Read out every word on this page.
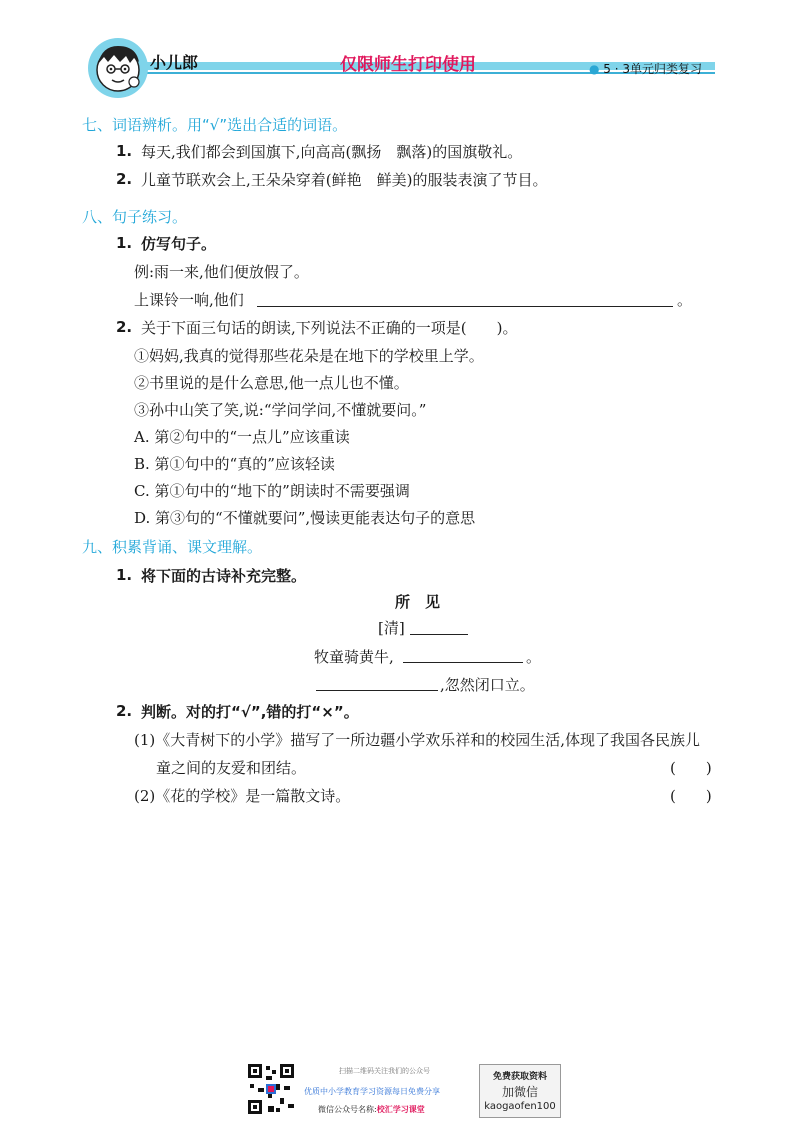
小儿郎	仅限师生打印使用	● 5 · 3单元归类复习
七、词语辨析。用“√”选出合适的词语。
1. 每天,我们都会到国旗下,向高高(飘扬　飘落)的国旗敬礼。
2. 儿童节联欢会上,王朵朵穿着(鲜艳　鲜美)的服装表演了节目。
八、句子练习。
1. 仿写句子。
例:雨一来,他们便放假了。
上课铃一响,他们	。
2. 关于下面三句话的朗读,下列说法不正确的一项是(　　)。
①妈妈,我真的觉得那些花朵是在地下的学校里上学。
②书里说的是什么意思,他一点儿也不懂。
③孙中山笑了笑,说:“学问学问,不懂就要问。”
A. 第②句中的“一点儿”应该重读
B. 第①句中的“真的”应该轻读
C. 第①句中的“地下的”朗读时不需要强调
D. 第③句的“不懂就要问”,慢读更能表达句子的意思
九、积累背诵、课文理解。
1. 将下面的古诗补充完整。
所　见
[清]
牧童骑黄牛,	。
,忽然闭口立。
2. 判断。对的打“√”,错的打“×”。
(1)《大青树下的小学》描写了一所边疆小学欢乐祥和的校园生活,体现了我国各民族儿
童之间的友爱和团结。	(　　)
(2)《花的学校》是一篇散文诗。	(　　)
扫描二维码关注我们的公众号
优质中小学教育学习资源每日免费分享
微信公众号名称:校汇学习课堂
免费获取资料
加微信
kaogaofen100
